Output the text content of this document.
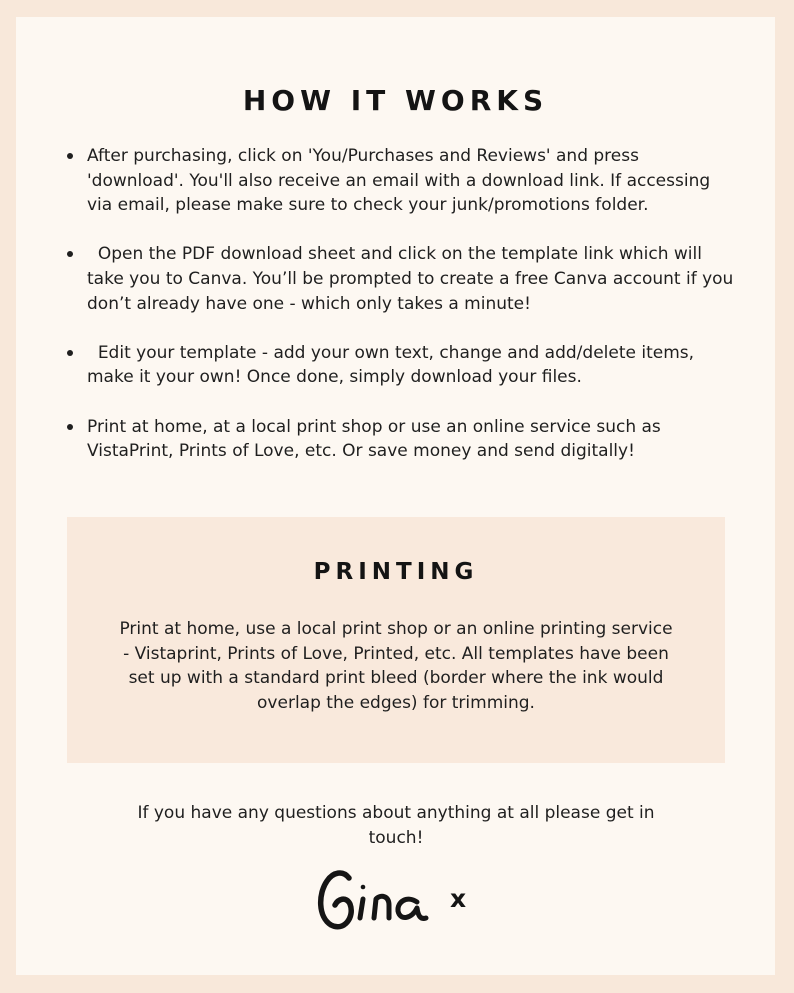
HOW IT WORKS
After purchasing, click on 'You/Purchases and Reviews' and press 'download'. You'll also receive an email with a download link. If accessing via email, please make sure to check your junk/promotions folder.
Open the PDF download sheet and click on the template link which will take you to Canva. You’ll be prompted to create a free Canva account if you don’t already have one - which only takes a minute!
Edit your template - add your own text, change and add/delete items, make it your own! Once done, simply download your files.
Print at home, at a local print shop or use an online service such as VistaPrint, Prints of Love, etc. Or save money and send digitally!
PRINTING
Print at home, use a local print shop or an online printing service - Vistaprint, Prints of Love, Printed, etc. All templates have been set up with a standard print bleed (border where the ink would overlap the edges) for trimming.
If you have any questions about anything at all please get in touch!
x
